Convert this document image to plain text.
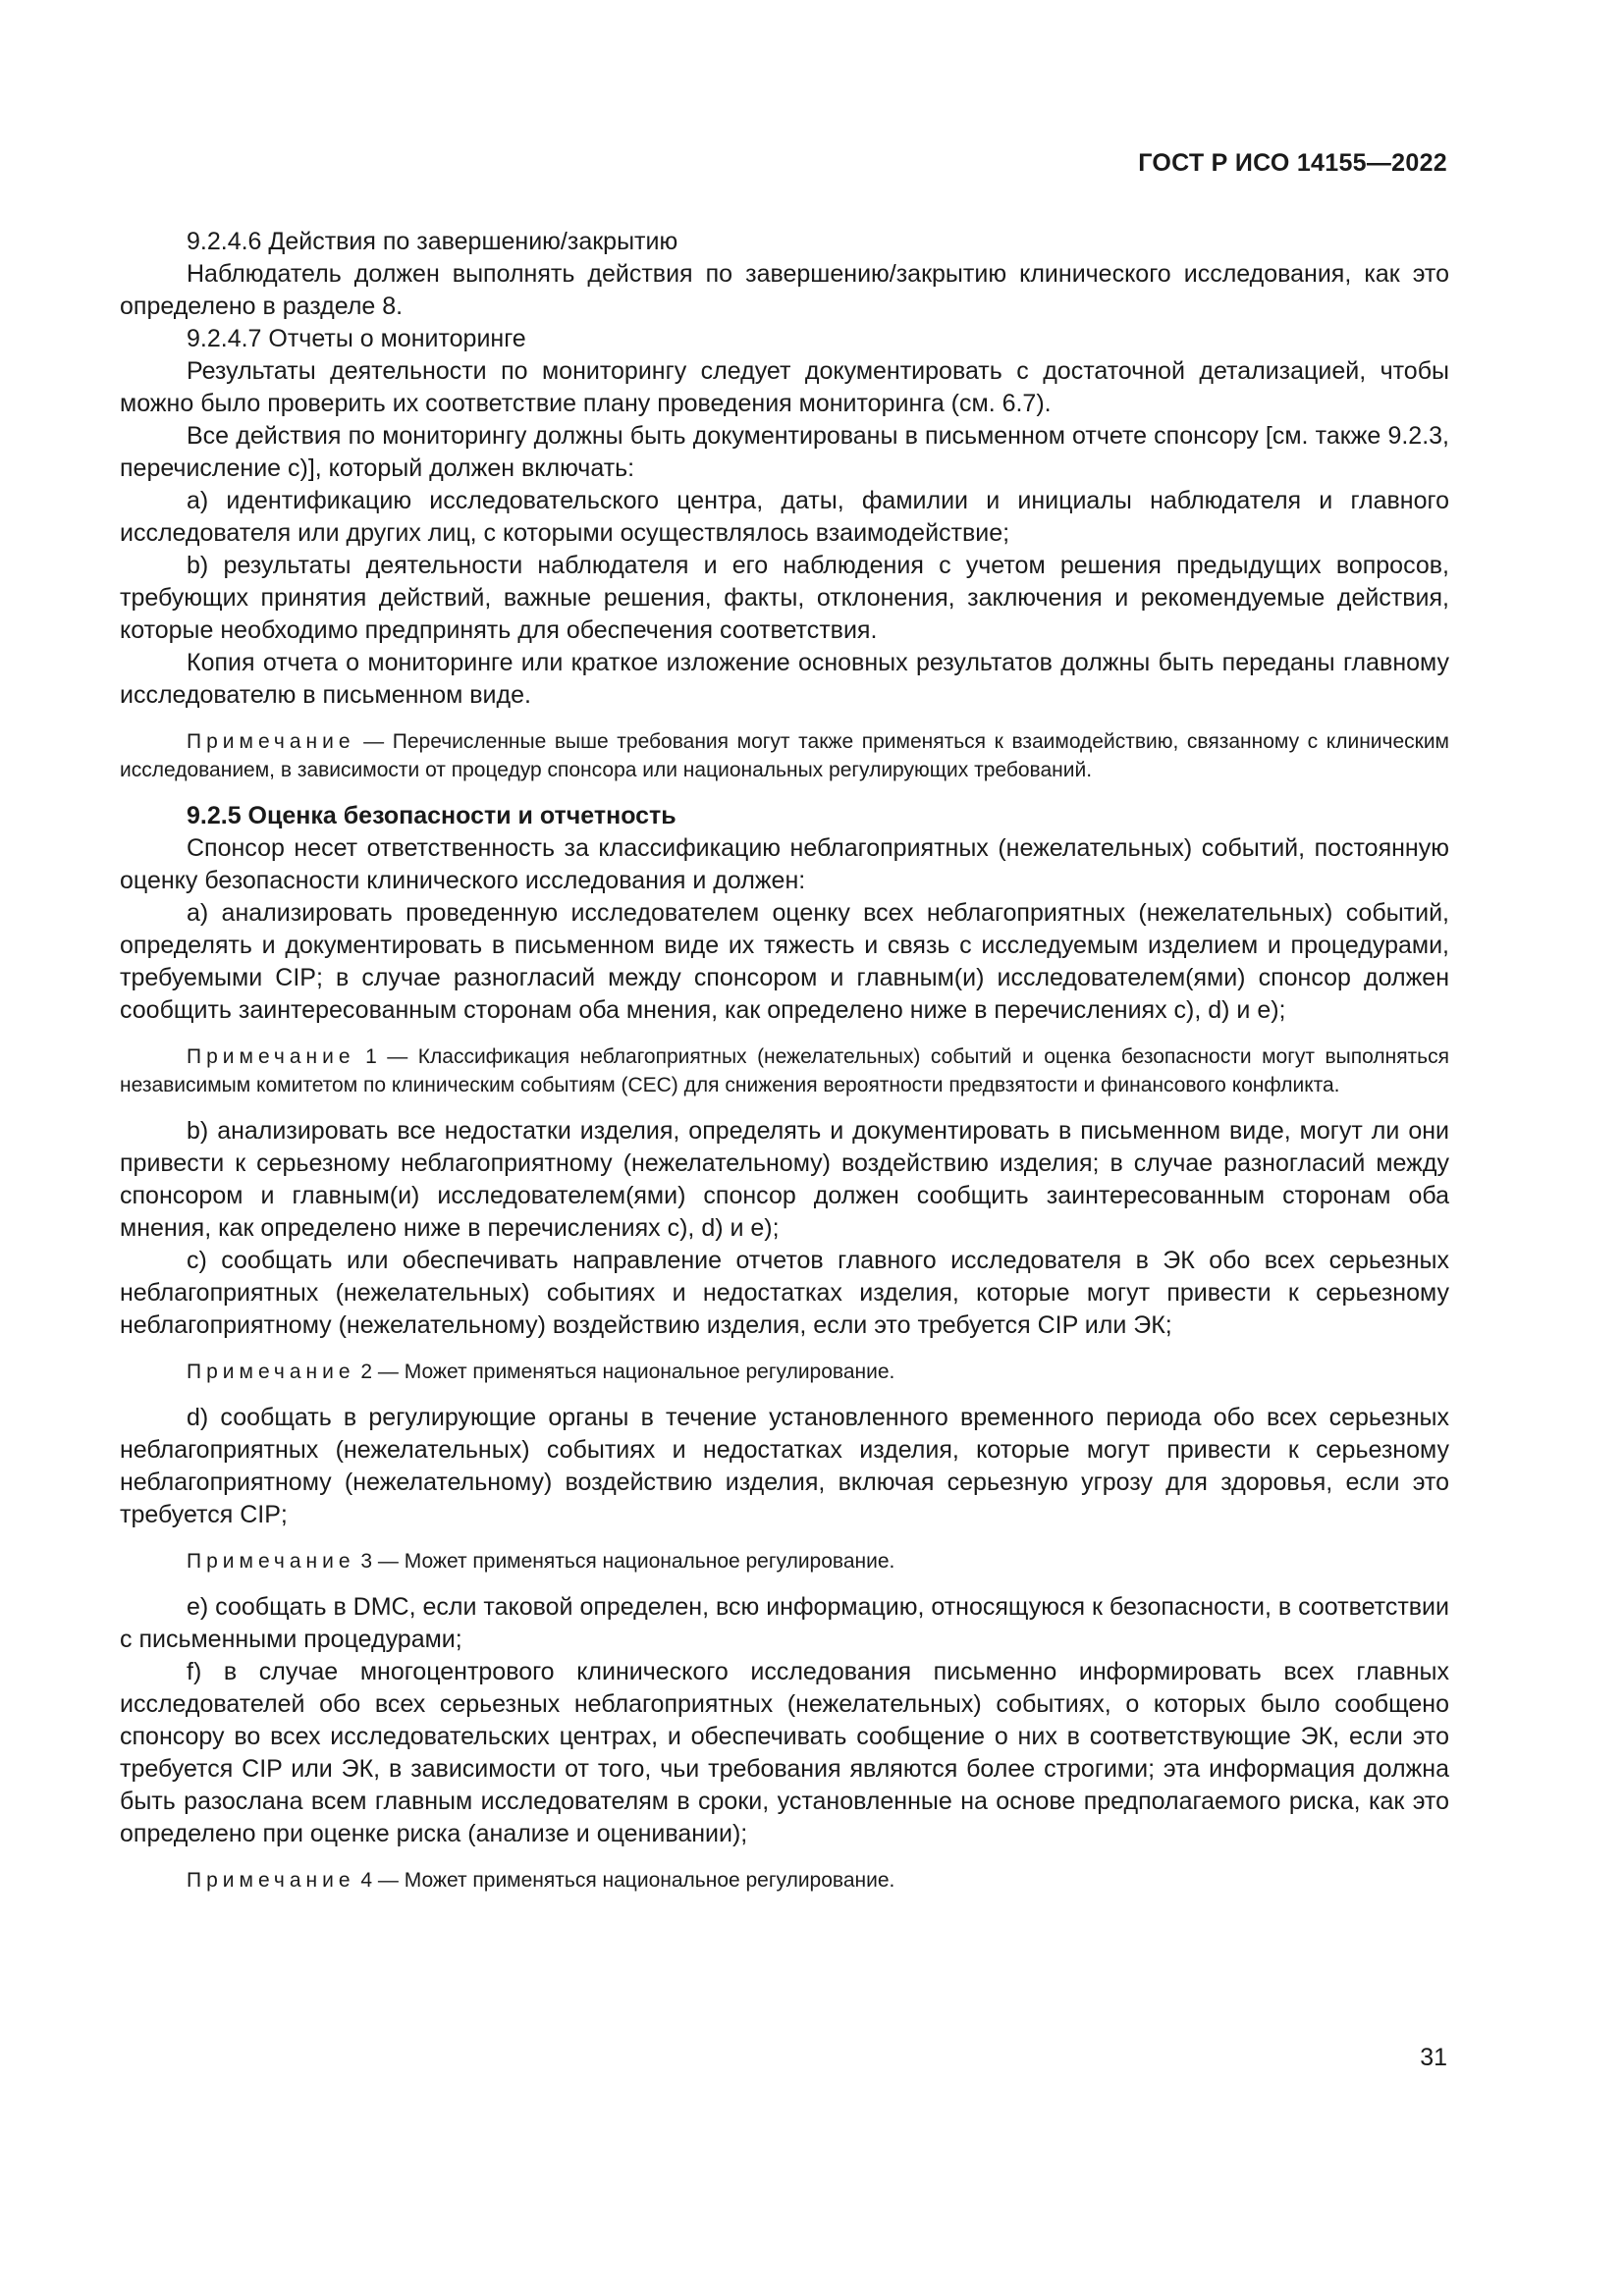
ГОСТ Р ИСО 14155—2022

9.2.4.6 Действия по завершению/закрытию

Наблюдатель должен выполнять действия по завершению/закрытию клинического исследования, как это определено в разделе 8.

9.2.4.7 Отчеты о мониторинге

Результаты деятельности по мониторингу следует документировать с достаточной детализацией, чтобы можно было проверить их соответствие плану проведения мониторинга (см. 6.7).

Все действия по мониторингу должны быть документированы в письменном отчете спонсору [см. также 9.2.3, перечисление с)], который должен включать:

a) идентификацию исследовательского центра, даты, фамилии и инициалы наблюдателя и главного исследователя или других лиц, с которыми осуществлялось взаимодействие;

b) результаты деятельности наблюдателя и его наблюдения с учетом решения предыдущих вопросов, требующих принятия действий, важные решения, факты, отклонения, заключения и рекомендуемые действия, которые необходимо предпринять для обеспечения соответствия.

Копия отчета о мониторинге или краткое изложение основных результатов должны быть переданы главному исследователю в письменном виде.

Примечание — Перечисленные выше требования могут также применяться к взаимодействию, связанному с клиническим исследованием, в зависимости от процедур спонсора или национальных регулирующих требований.

9.2.5 Оценка безопасности и отчетность

Спонсор несет ответственность за классификацию неблагоприятных (нежелательных) событий, постоянную оценку безопасности клинического исследования и должен:

a) анализировать проведенную исследователем оценку всех неблагоприятных (нежелательных) событий, определять и документировать в письменном виде их тяжесть и связь с исследуемым изделием и процедурами, требуемыми CIP; в случае разногласий между спонсором и главным(и) исследователем(ями) спонсор должен сообщить заинтересованным сторонам оба мнения, как определено ниже в перечислениях с), d) и е);

Примечание 1 — Классификация неблагоприятных (нежелательных) событий и оценка безопасности могут выполняться независимым комитетом по клиническим событиям (CEC) для снижения вероятности предвзятости и финансового конфликта.

b) анализировать все недостатки изделия, определять и документировать в письменном виде, могут ли они привести к серьезному неблагоприятному (нежелательному) воздействию изделия; в случае разногласий между спонсором и главным(и) исследователем(ями) спонсор должен сообщить заинтересованным сторонам оба мнения, как определено ниже в перечислениях с), d) и е);

c) сообщать или обеспечивать направление отчетов главного исследователя в ЭК обо всех серьезных неблагоприятных (нежелательных) событиях и недостатках изделия, которые могут привести к серьезному неблагоприятному (нежелательному) воздействию изделия, если это требуется CIP или ЭК;

Примечание 2 — Может применяться национальное регулирование.

d) сообщать в регулирующие органы в течение установленного временного периода обо всех серьезных неблагоприятных (нежелательных) событиях и недостатках изделия, которые могут привести к серьезному неблагоприятному (нежелательному) воздействию изделия, включая серьезную угрозу для здоровья, если это требуется CIP;

Примечание 3 — Может применяться национальное регулирование.

e) сообщать в DMC, если таковой определен, всю информацию, относящуюся к безопасности, в соответствии с письменными процедурами;

f) в случае многоцентрового клинического исследования письменно информировать всех главных исследователей обо всех серьезных неблагоприятных (нежелательных) событиях, о которых было сообщено спонсору во всех исследовательских центрах, и обеспечивать сообщение о них в соответствующие ЭК, если это требуется CIP или ЭК, в зависимости от того, чьи требования являются более строгими; эта информация должна быть разослана всем главным исследователям в сроки, установленные на основе предполагаемого риска, как это определено при оценке риска (анализе и оценивании);

Примечание 4 — Может применяться национальное регулирование.

31
